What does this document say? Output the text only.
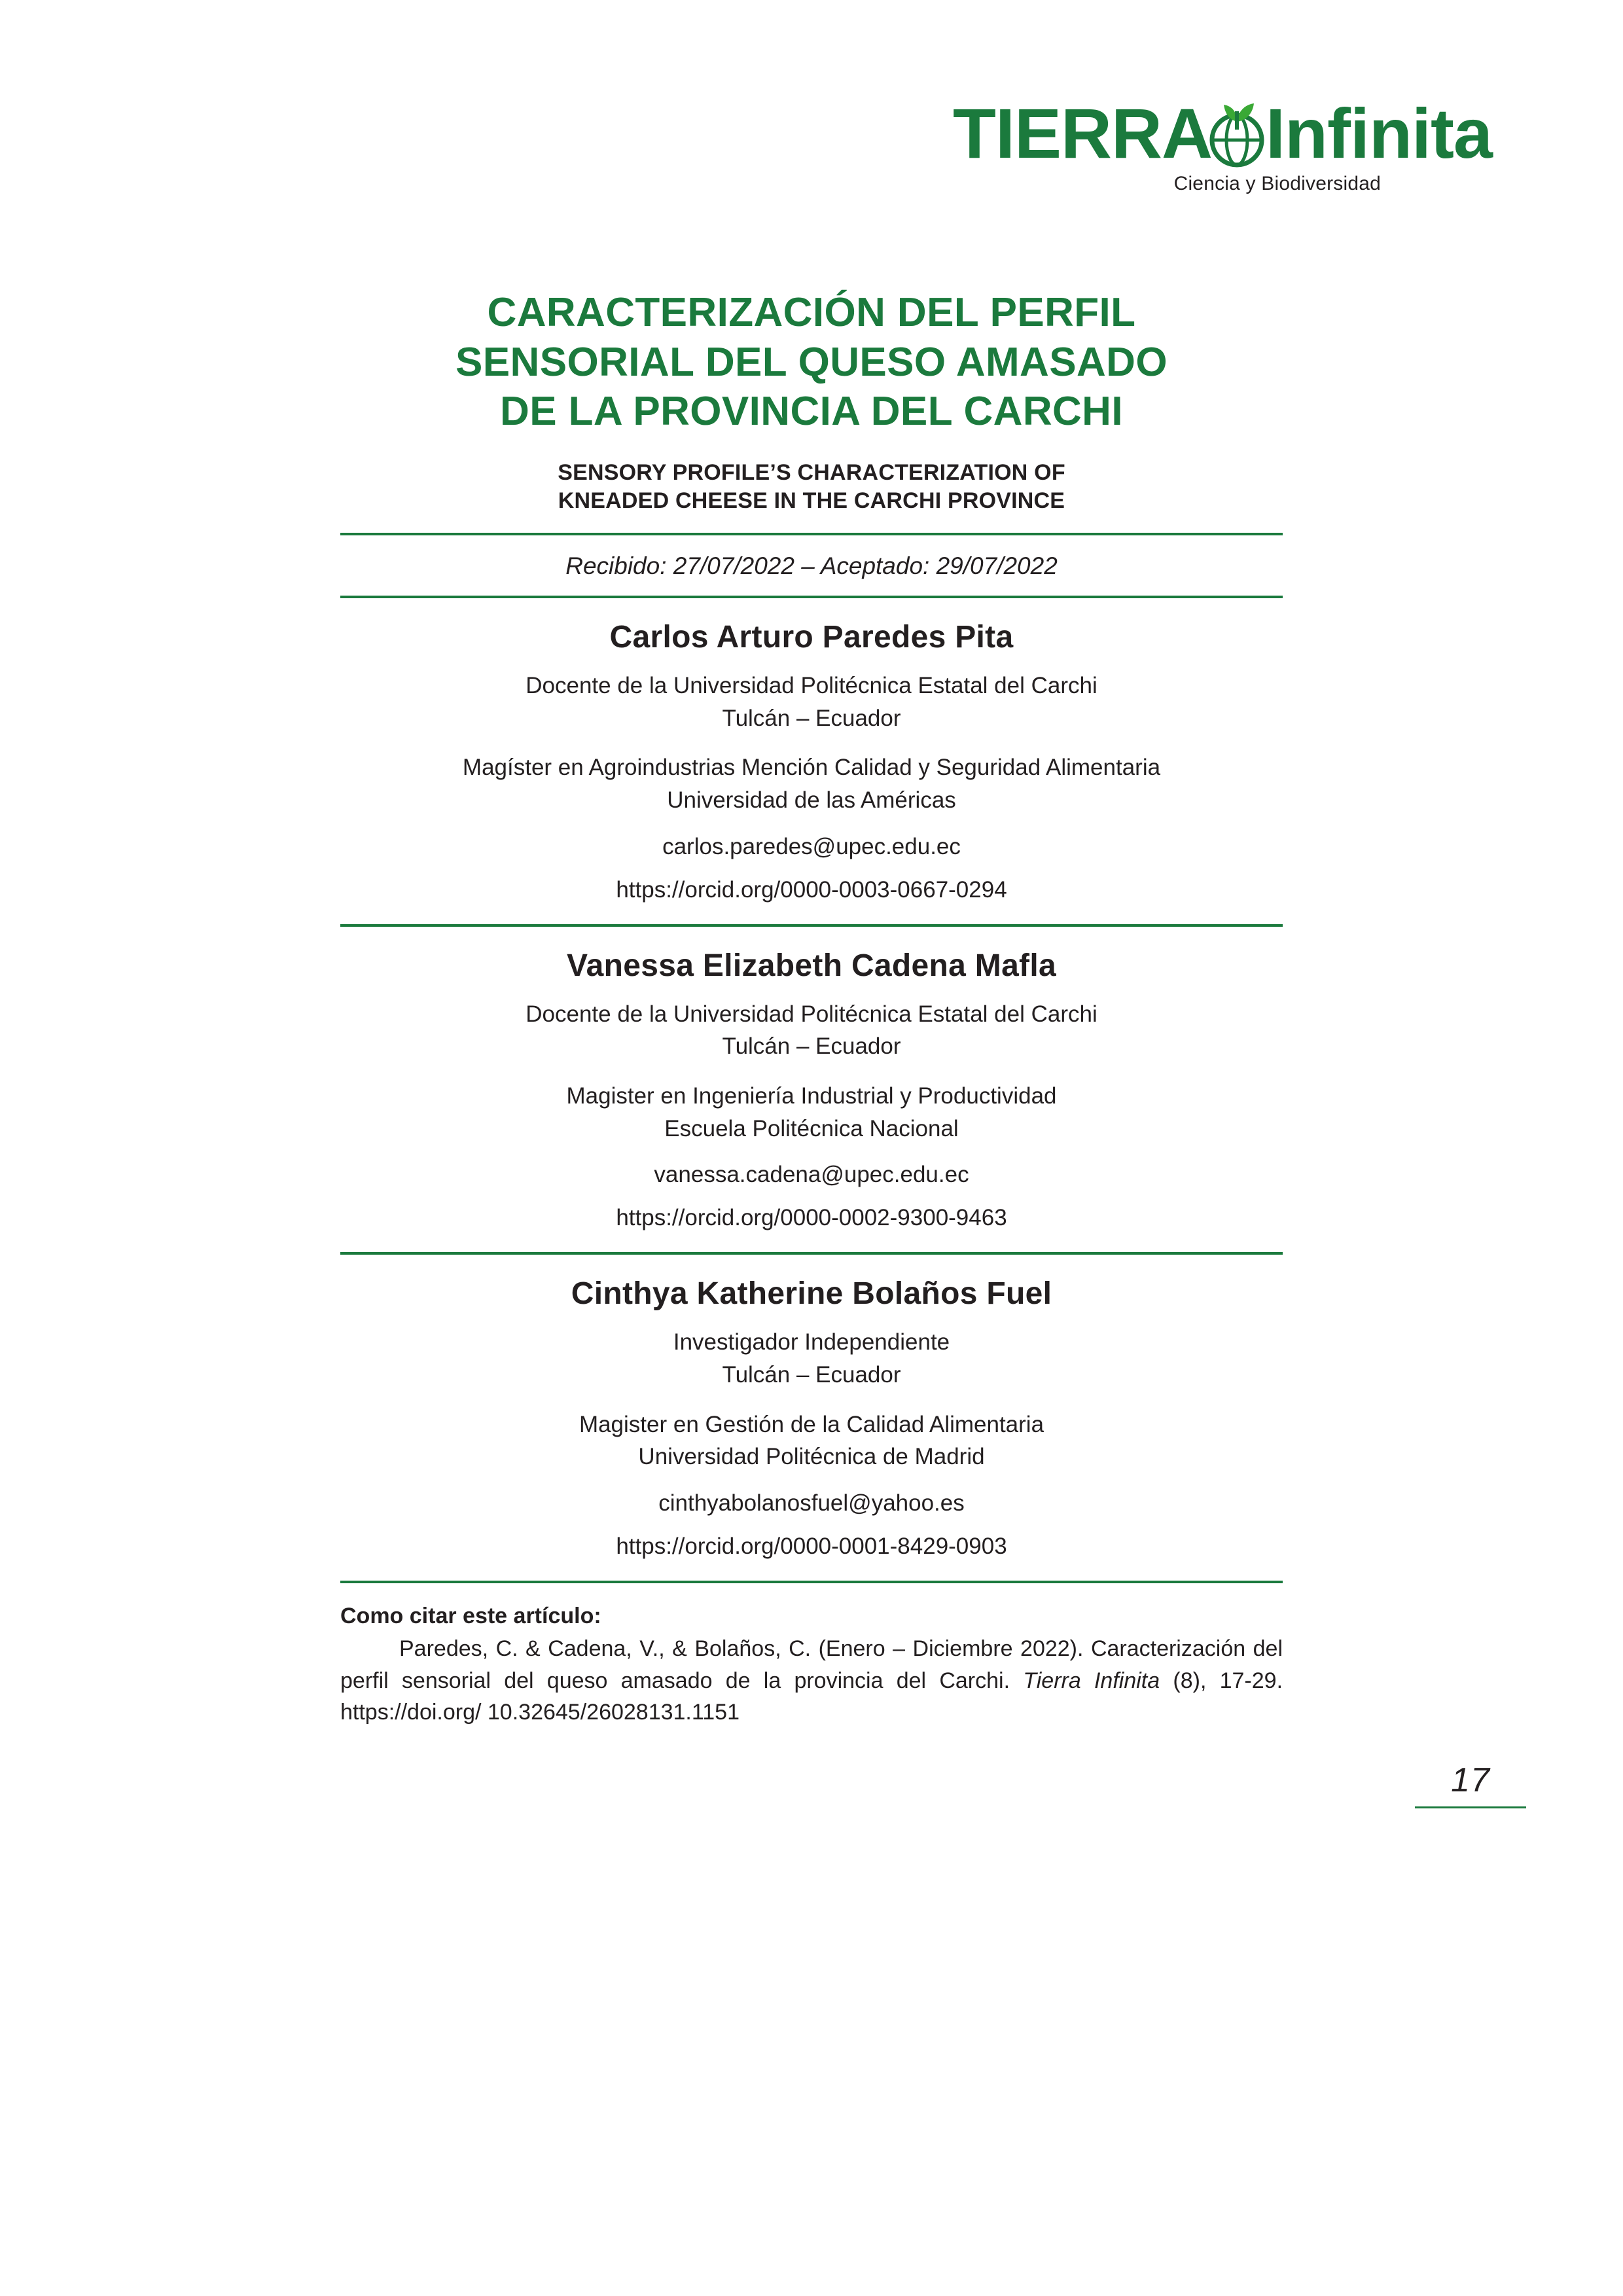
TIERRA Infinita
Ciencia y Biodiversidad
CARACTERIZACIÓN DEL PERFIL
SENSORIAL DEL QUESO AMASADO
DE LA PROVINCIA DEL CARCHI
SENSORY PROFILE’S CHARACTERIZATION OF
KNEADED CHEESE IN THE CARCHI PROVINCE
Recibido: 27/07/2022 – Aceptado: 29/07/2022
Carlos Arturo Paredes Pita

Docente de la Universidad Politécnica Estatal del Carchi

Tulcán – Ecuador

Magíster en Agroindustrias Mención Calidad y Seguridad Alimentaria

Universidad de las Américas

carlos.paredes@upec.edu.ec

https://orcid.org/0000-0003-0667-0294

Vanessa Elizabeth Cadena Mafla

Docente de la Universidad Politécnica Estatal del Carchi

Tulcán – Ecuador

Magister en Ingeniería Industrial y Productividad

Escuela Politécnica Nacional

vanessa.cadena@upec.edu.ec

https://orcid.org/0000-0002-9300-9463

Cinthya Katherine Bolaños Fuel

Investigador Independiente

Tulcán – Ecuador

Magister en Gestión de la Calidad Alimentaria

Universidad Politécnica de Madrid

cinthyabolanosfuel@yahoo.es

https://orcid.org/0000-0001-8429-0903

Como citar este artículo:
Paredes, C. & Cadena, V., & Bolaños, C. (Enero – Diciembre 2022). Caracterización del perfil sensorial del queso amasado de la provincia del Carchi. Tierra Infinita (8), 17-29. https://doi.org/ 10.32645/26028131.1151
17
